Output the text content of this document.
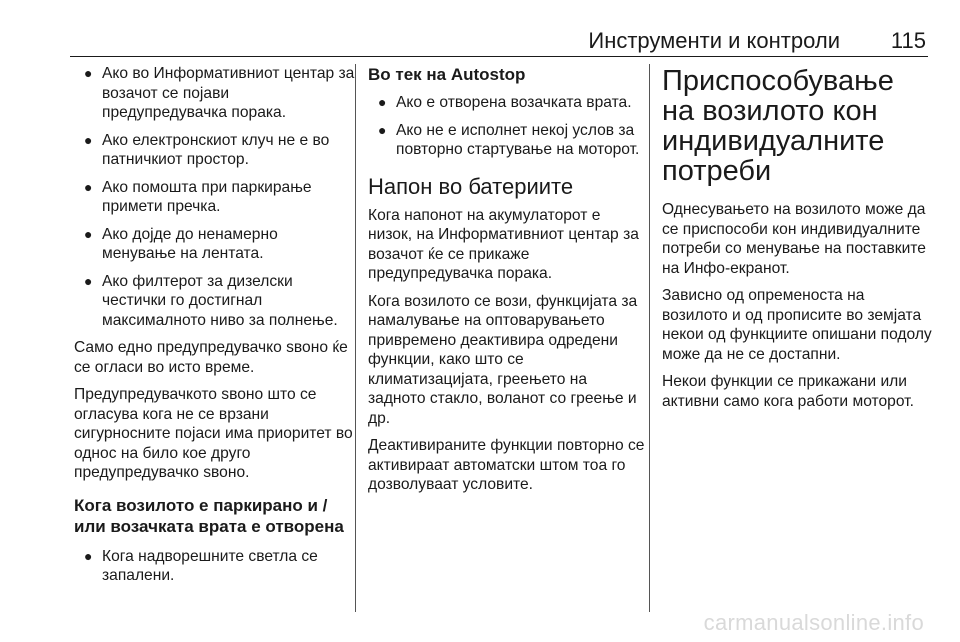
Инструменти и контроли 115
● Ако во Информативниот центар за возачот се појави предупредувачка порака.
● Ако електронскиот клуч не е во патничкиот простор.
● Ако помошта при паркирање примети пречка.
● Ако дојде до ненамерно менување на лентата.
● Ако филтерот за дизелски честички го достигнал максималното ниво за полнење.

Само едно предупредувачко ѕвоно ќе се огласи во исто време.

Предупредувачкото ѕвоно што се огласува кога не се врзани сигурносните појаси има приоритет во однос на било кое друго предупредувачко ѕвоно.

Кога возилото е паркирано и / или возачката врата е отворена
● Кога надворешните светла се запалени.
Во тек на Autostop
● Ако е отворена возачката врата.
● Ако не е исполнет некој услов за повторно стартување на моторот.
Напон во батериите

Кога напонот на акумулаторот е низок, на Информативниот центар за возачот ќе се прикаже предупредувачка порака.

Кога возилото се вози, функцијата за намалување на оптоварувањето привремено деактивира одредени функции, како што се климатизацијата, греењето на задното стакло, воланот со греење и др.

Деактивираните функции повторно се активираат автоматски штом тоа го дозволуваат условите.

Приспособување на возилото кон индивидуалните потреби

Однесувањето на возилото може да се приспособи кон индивидуалните потреби со менување на поставките на Инфо-екранот.

Зависно од опременоста на возилото и од прописите во земјата некои од функциите опишани подолу може да не се достапни.

Некои функции се прикажани или активни само кога работи моторот.

carmanualsonline.info
